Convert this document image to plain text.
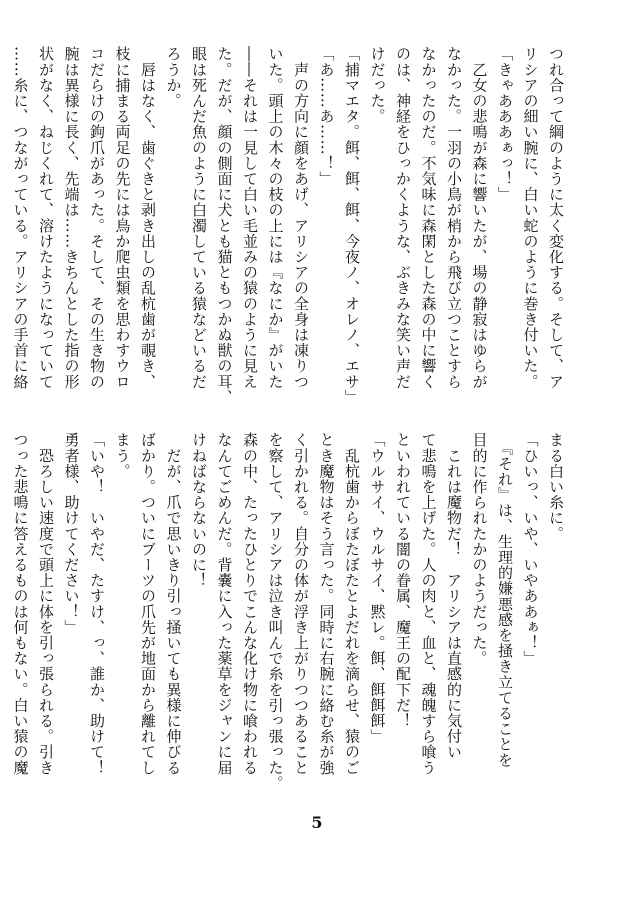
つれ合って綱のように太く変化する。そして、ア
リシアの細い腕に、白い蛇のように巻き付いた。
「きゃあああぁっ！」
　乙女の悲鳴が森に響いたが、場の静寂はゆらが
なかった。一羽の小鳥が梢から飛び立つことすら
なかったのだ。不気味に森閑とした森の中に響く
のは、神経をひっかくような、ぶきみな笑い声だ
けだった。
「捕マエタ。餌、餌、餌、今夜ノ、オレノ、エサ」
「あ……あ……！」
　声の方向に顔をあげ、アリシアの全身は凍りつ
いた。頭上の木々の枝の上には『なにか』がいた
――それは一見して白い毛並みの猿のように見え
た。だが、顔の側面に犬とも猫ともつかぬ獣の耳、
眼は死んだ魚のように白濁している猿などいるだ
ろうか。
　唇はなく、歯ぐきと剥き出しの乱杭歯が覗き、
枝に捕まる両足の先には鳥か爬虫類を思わすウロ
コだらけの鉤爪があった。そして、その生き物の
腕は異様に長く、先端は……きちんとした指の形
状がなく、ねじくれて、溶けたようになっていて
……糸に、つながっている。アリシアの手首に絡
まる白い糸に。
「ひいっ、いや、いやああぁ！」
　『それ』は、生理的嫌悪感を掻き立てることを
目的に作られたかのようだった。
　これは魔物だ！　アリシアは直感的に気付い
て悲鳴を上げた。人の肉と、血と、魂魄すら喰う
といわれている闇の眷属、魔王の配下だ！
「ウルサイ、ウルサイ、黙レ。餌、餌餌餌」
　乱杭歯からぼたぼたとよだれを滴らせ、猿のご
とき魔物はそう言った。同時に右腕に絡む糸が強
く引かれる。自分の体が浮き上がりつつあること
を察して、アリシアは泣き叫んで糸を引っ張った。
森の中、たったひとりでこんな化け物に喰われる
なんてごめんだ。背嚢に入った薬草をジャンに届
けねばならないのに！
　だが、爪で思いきり引っ掻いても異様に伸びる
ばかり。ついにブーツの爪先が地面から離れてし
まう。
「いや！　いやだ、たすけ、っ、誰か、助けて！
勇者様、助けてください！」
　恐ろしい速度で頭上に体を引っ張られる。引き
つった悲鳴に答えるものは何もない。白い猿の魔
5
